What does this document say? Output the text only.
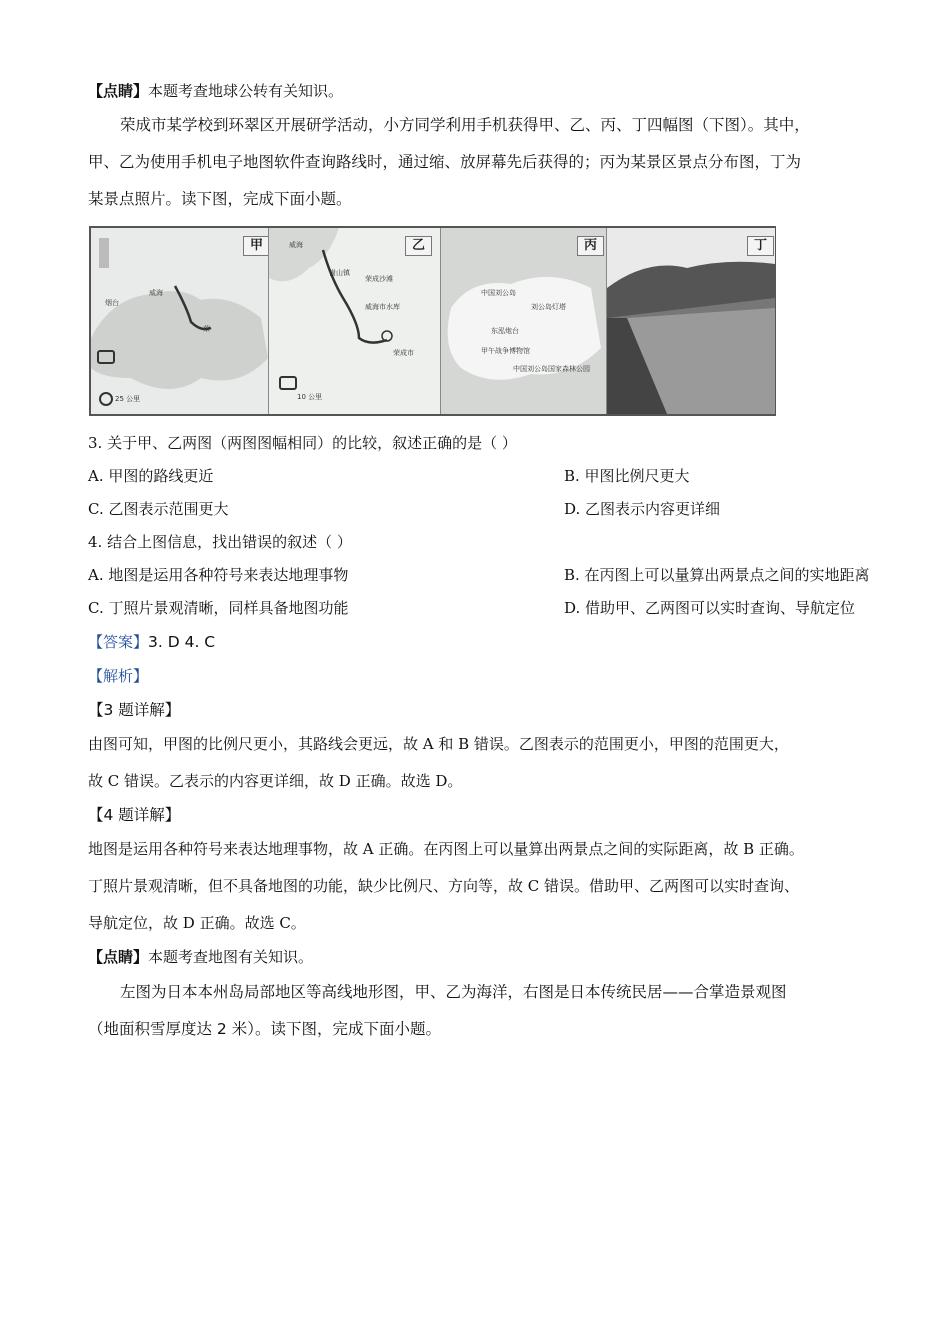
【点睛】本题考查地球公转有关知识。
荣成市某学校到环翠区开展研学活动，小方同学利用手机获得甲、乙、丙、丁四幅图（下图）。其中，
甲、乙为使用手机电子地图软件查询路线时，通过缩、放屏幕先后获得的；丙为某景区景点分布图，丁为
某景点照片。读下图，完成下面小题。
甲
烟台
威海
荣
25 公里
乙
威海
荣成市
崮山镇
荣成沙滩
威海市水库
10 公里
丙
中国刘公岛
刘公岛灯塔
东泓炮台
甲午战争博物馆
中国刘公岛国家森林公园
丁
3. 关于甲、乙两图（两图图幅相同）的比较，叙述正确的是（ ）
A. 甲图的路线更近	B. 甲图比例尺更大
C. 乙图表示范围更大	D. 乙图表示内容更详细
4. 结合上图信息，找出错误的叙述（ ）
A. 地图是运用各种符号来表达地理事物	B. 在丙图上可以量算出两景点之间的实地距离
C. 丁照片景观清晰，同样具备地图功能	D. 借助甲、乙两图可以实时查询、导航定位
【答案】3. D 4. C
【解析】
【3 题详解】
由图可知，甲图的比例尺更小，其路线会更远，故 A 和 B 错误。乙图表示的范围更小，甲图的范围更大，
故 C 错误。乙表示的内容更详细，故 D 正确。故选 D。
【4 题详解】
地图是运用各种符号来表达地理事物，故 A 正确。在丙图上可以量算出两景点之间的实际距离，故 B 正确。
丁照片景观清晰，但不具备地图的功能，缺少比例尺、方向等，故 C 错误。借助甲、乙两图可以实时查询、
导航定位，故 D 正确。故选 C。
【点睛】本题考查地图有关知识。
左图为日本本州岛局部地区等高线地形图，甲、乙为海洋，右图是日本传统民居——合掌造景观图
（地面积雪厚度达 2 米）。读下图，完成下面小题。
